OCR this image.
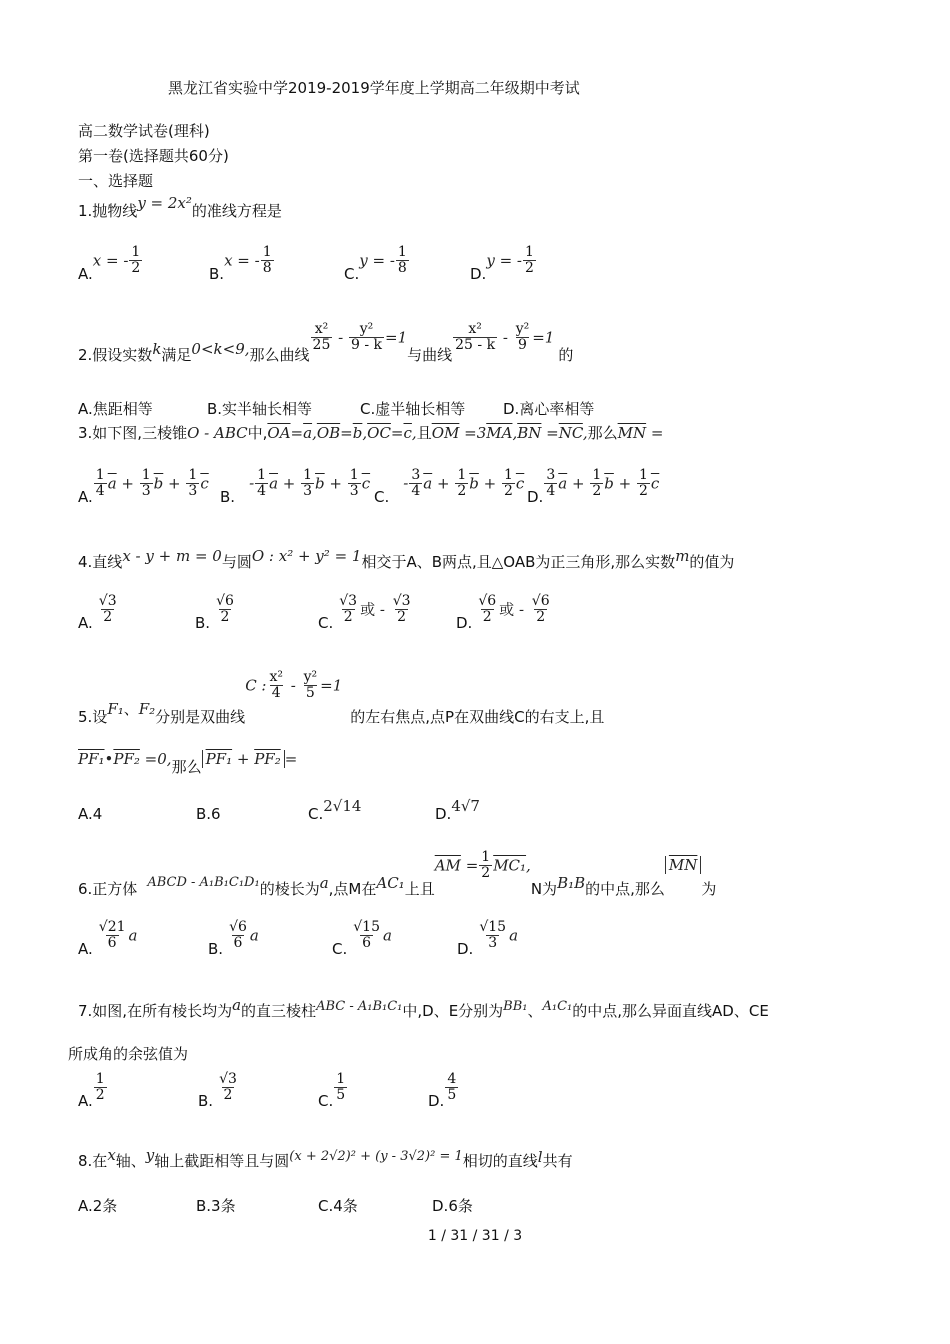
黑龙江省实验中学2019-2019学年度上学期高二年级期中考试
高二数学试卷(理科)
第一卷(选择题共60分)
一、选择题
1.抛物线y = 2x²的准线方程是
A.x = - $\frac{1}{2}$	B.x = - $\frac{1}{8}$	C.y = - $\frac{1}{8}$	D.y = - $\frac{1}{2}$
2.假设实数k满足0<k<9,那么曲线
$\frac{\text{x²}}{25} - \frac{\text{y²}}{9 - k} =1$与曲线
$\frac{\text{x²}}{25 - k} - \frac{\text{y²}}{9} =1$的
A.焦距相等	B.实半轴长相等	C.虚半轴长相等	D.离心率相等
3.如下图,三棱锥O - ABC中$,\overline{OA}=\overline{a},\overline{OB}=\overline{b},\overline{OC}=\overline{c}$,且$\overline{OM} =3\overline{MA},\overline{BN} =\overline{NC}$,那么$\overline{MN}$ =
A. $\frac{1}{4} \overline{a} + \frac{1}{3} \overline{b} + \frac{1}{3} \overline{c}$
$B.- \frac{1}{4} \overline{a} + \frac{1}{3} \overline{b} + \frac{1}{3} \overline{c}$
$C.- \frac{3}{4} \overline{a} + \frac{1}{2} \overline{b} + \frac{1}{2} \overline{c}$
D. $\frac{3}{4} \overline{a} + \frac{1}{2} \overline{b} + \frac{1}{2} \overline{c}$
4.直线x - y + m = 0与圆O : x² + y² = 1相交于A、B两点,且△OAB为正三角形,那么实数m的值为
A. $\frac{√3}{2}$	B. $\frac{√6}{2}$	C. $\frac{√3}{2}$ 或 - $\frac{√3}{2}$	D. $\frac{√6}{2}$ 或 - $\frac{√6}{2}$
5.设F₁、F₂分别是双曲线C : $\frac{\text{x²}}{4} - \frac{\text{y²}}{5} =1$的左右焦点,点P在双曲线C的右支上,且
PF₁•PF₂ =0,那么 PF₁ + PF₂ =
A.4	B.6	C.2√14	D.4√7
6.正方体 ABCD - A₁B₁C₁D₁的棱长为a,点M在AC₁上且$\overline{AM} = \frac{1}{2} MC_1,N$为B₁B的中点,那么$\overline{MN}$为
A. $\frac{√21}{6}$ a
B. $\frac{√6}{6}$ a
C. $\frac{√15}{6}$ a
D. $\frac{√15}{3}$ a
7.如图,在所有棱长均为a的直三棱柱ABC - A₁B₁C₁中,D、E分别为BB₁、A₁C₁的中点,那么异面直线AD、CE
所成角的余弦值为
A. $\frac{1}{2}$	B. $\frac{√3}{2}$	C. $\frac{1}{5}$	D. $\frac{4}{5}$
8.在x轴、y轴上截距相等且与圆(x + 2√2)² + (y - 3√2)² = 1相切的直线l共有
A.2条	B.3条	C.4条	D.6条
1 / 31 / 31 / 3
